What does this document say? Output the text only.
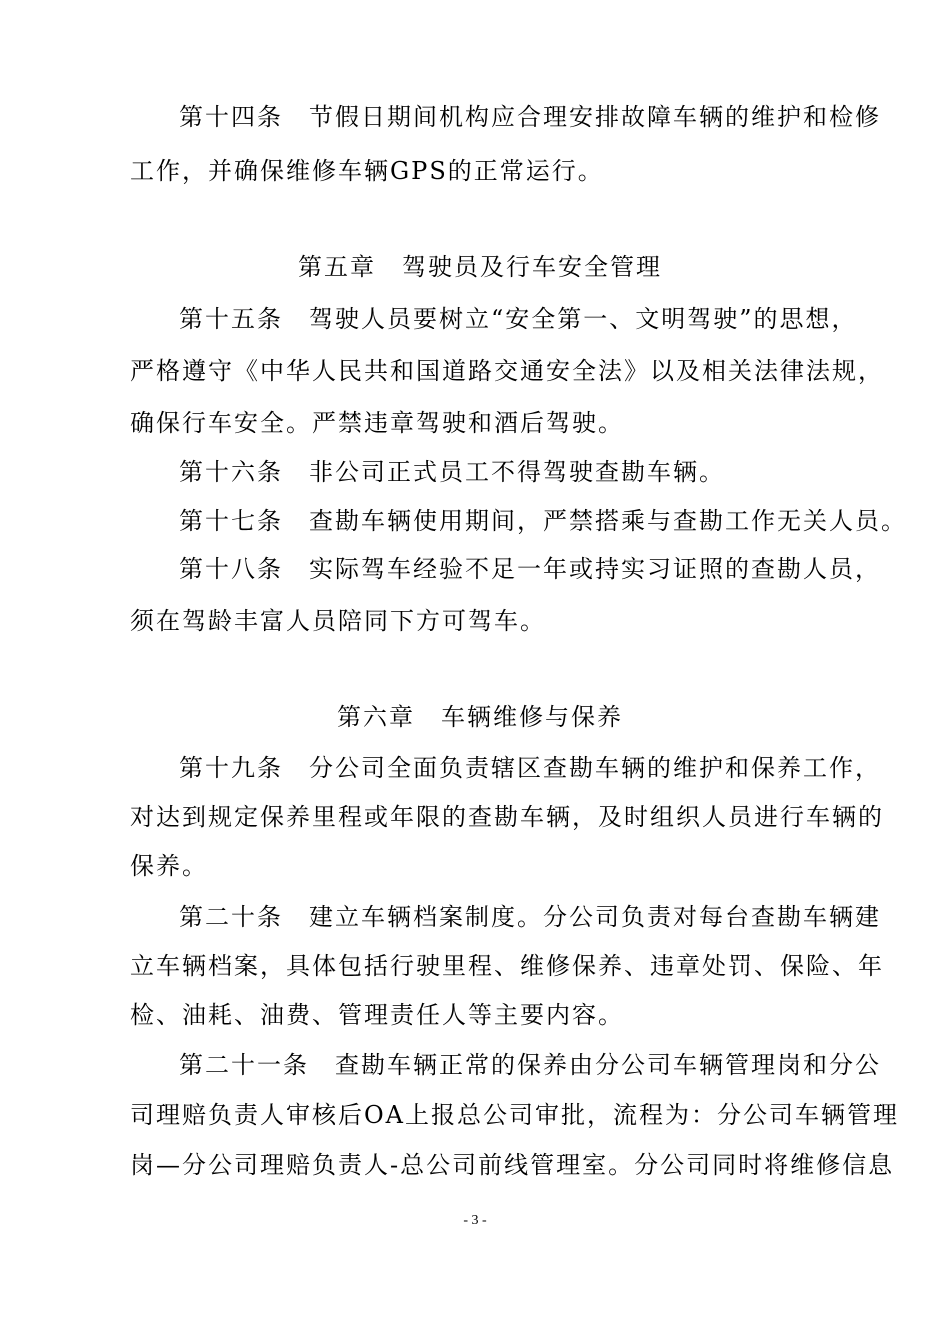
第十四条　节假日期间机构应合理安排故障车辆的维护和检修
工作，并确保维修车辆GPS的正常运行。
第五章　驾驶员及行车安全管理
第十五条　驾驶人员要树立“安全第一、文明驾驶”的思想，
严格遵守《中华人民共和国道路交通安全法》以及相关法律法规，
确保行车安全。严禁违章驾驶和酒后驾驶。
第十六条　非公司正式员工不得驾驶查勘车辆。
第十七条　查勘车辆使用期间，严禁搭乘与查勘工作无关人员。
第十八条　实际驾车经验不足一年或持实习证照的查勘人员，
须在驾龄丰富人员陪同下方可驾车。
第六章　车辆维修与保养
第十九条　分公司全面负责辖区查勘车辆的维护和保养工作，
对达到规定保养里程或年限的查勘车辆，及时组织人员进行车辆的
保养。
第二十条　建立车辆档案制度。分公司负责对每台查勘车辆建
立车辆档案，具体包括行驶里程、维修保养、违章处罚、保险、年
检、油耗、油费、管理责任人等主要内容。
第二十一条　查勘车辆正常的保养由分公司车辆管理岗和分公
司理赔负责人审核后OA上报总公司审批，流程为：分公司车辆管理
岗—分公司理赔负责人-总公司前线管理室。分公司同时将维修信息
- 3 -
